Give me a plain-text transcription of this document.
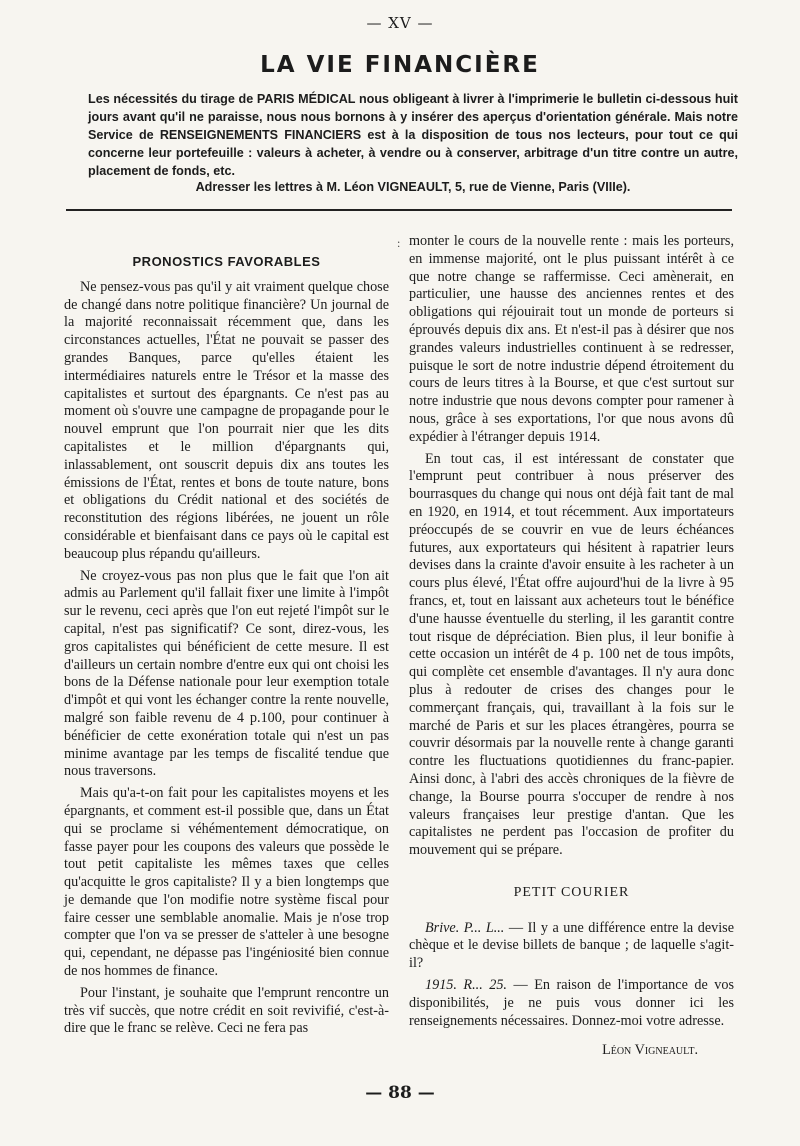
— XV —
LA VIE FINANCIÈRE
Les nécessités du tirage de PARIS MÉDICAL nous obligeant à livrer à l'imprimerie le bulletin ci-dessous huit jours avant qu'il ne paraisse, nous nous bornons à y insérer des aperçus d'orientation générale. Mais notre Service de RENSEIGNEMENTS FINANCIERS est à la disposition de tous nos lecteurs, pour tout ce qui concerne leur portefeuille : valeurs à acheter, à vendre ou à conserver, arbitrage d'un titre contre un autre, placement de fonds, etc.
Adresser les lettres à M. Léon VIGNEAULT, 5, rue de Vienne, Paris (VIIIe).
:
PRONOSTICS FAVORABLES

Ne pensez-vous pas qu'il y ait vraiment quelque chose de changé dans notre politique financière? Un journal de la majorité reconnaissait récemment que, dans les circonstances actuelles, l'État ne pouvait se passer des grandes Banques, parce qu'elles étaient les intermédiaires naturels entre le Trésor et la masse des capitalistes et surtout des épargnants. Ce n'est pas au moment où s'ouvre une campagne de propagande pour le nouvel emprunt que l'on pourrait nier que les dits capitalistes et le million d'épargnants qui, inlassablement, ont souscrit depuis dix ans toutes les émissions de l'État, rentes et bons de toute nature, bons et obligations du Crédit national et des sociétés de reconstitution des régions libérées, ne jouent un rôle considérable et bienfaisant dans ce pays où le capital est beaucoup plus répandu qu'ailleurs.

Ne croyez-vous pas non plus que le fait que l'on ait admis au Parlement qu'il fallait fixer une limite à l'impôt sur le revenu, ceci après que l'on eut rejeté l'impôt sur le capital, n'est pas significatif? Ce sont, direz-vous, les gros capitalistes qui bénéficient de cette mesure. Il est d'ailleurs un certain nombre d'entre eux qui ont choisi les bons de la Défense nationale pour leur exemption totale d'impôt et qui vont les échanger contre la rente nouvelle, malgré son faible revenu de 4 p.100, pour continuer à bénéficier de cette exonération totale qui n'est un pas minime avantage par les temps de fiscalité tendue que nous traversons.

Mais qu'a-t-on fait pour les capitalistes moyens et les épargnants, et comment est-il possible que, dans un État qui se proclame si véhémentement démocratique, on fasse payer pour les coupons des valeurs que possède le tout petit capitaliste les mêmes taxes que celles qu'acquitte le gros capitaliste? Il y a bien longtemps que je demande que l'on modifie notre système fiscal pour faire cesser une semblable anomalie. Mais je n'ose trop compter que l'on va se presser de s'atteler à une besogne qui, cependant, ne dépasse pas l'ingéniosité bien connue de nos hommes de finance.

Pour l'instant, je souhaite que l'emprunt rencontre un très vif succès, que notre crédit en soit revivifié, c'est-à-dire que le franc se relève. Ceci ne fera pas

monter le cours de la nouvelle rente : mais les porteurs, en immense majorité, ont le plus puissant intérêt à ce que notre change se raffermisse. Ceci amènerait, en particulier, une hausse des anciennes rentes et des obligations qui réjouirait tout un monde de porteurs si éprouvés depuis dix ans. Et n'est-il pas à désirer que nos grandes valeurs industrielles continuent à se redresser, puisque le sort de notre industrie dépend étroitement du cours de leurs titres à la Bourse, et que c'est surtout sur notre industrie que nous devons compter pour ramener à nous, grâce à ses exportations, l'or que nous avons dû expédier à l'étranger depuis 1914.

En tout cas, il est intéressant de constater que l'emprunt peut contribuer à nous préserver des bourrasques du change qui nous ont déjà fait tant de mal en 1920, en 1914, et tout récemment. Aux importateurs préoccupés de se couvrir en vue de leurs échéances futures, aux exportateurs qui hésitent à rapatrier leurs devises dans la crainte d'avoir ensuite à les racheter à un cours plus élevé, l'État offre aujourd'hui de la livre à 95 francs, et, tout en laissant aux acheteurs tout le bénéfice d'une hausse éventuelle du sterling, il les garantit contre tout risque de dépréciation. Bien plus, il leur bonifie à cette occasion un intérêt de 4 p. 100 net de tous impôts, qui complète cet ensemble d'avantages. Il n'y aura donc plus à redouter de crises des changes pour le commerçant français, qui, travaillant à la fois sur le marché de Paris et sur les places étrangères, pourra se couvrir désormais par la nouvelle rente à change garanti contre les fluctuations quotidiennes du franc-papier. Ainsi donc, à l'abri des accès chroniques de la fièvre de change, la Bourse pourra s'occuper de rendre à nos valeurs françaises leur prestige d'antan. Que les capitalistes ne perdent pas l'occasion de profiter du mouvement qui se prépare.

PETIT COURIER

Brive. P... L... — Il y a une différence entre la devise chèque et le devise billets de banque ; de laquelle s'agit-il?

1915. R... 25. — En raison de l'importance de vos disponibilités, je ne puis vous donner ici les renseignements nécessaires. Donnez-moi votre adresse.

Léon Vigneault.
— 88 —
